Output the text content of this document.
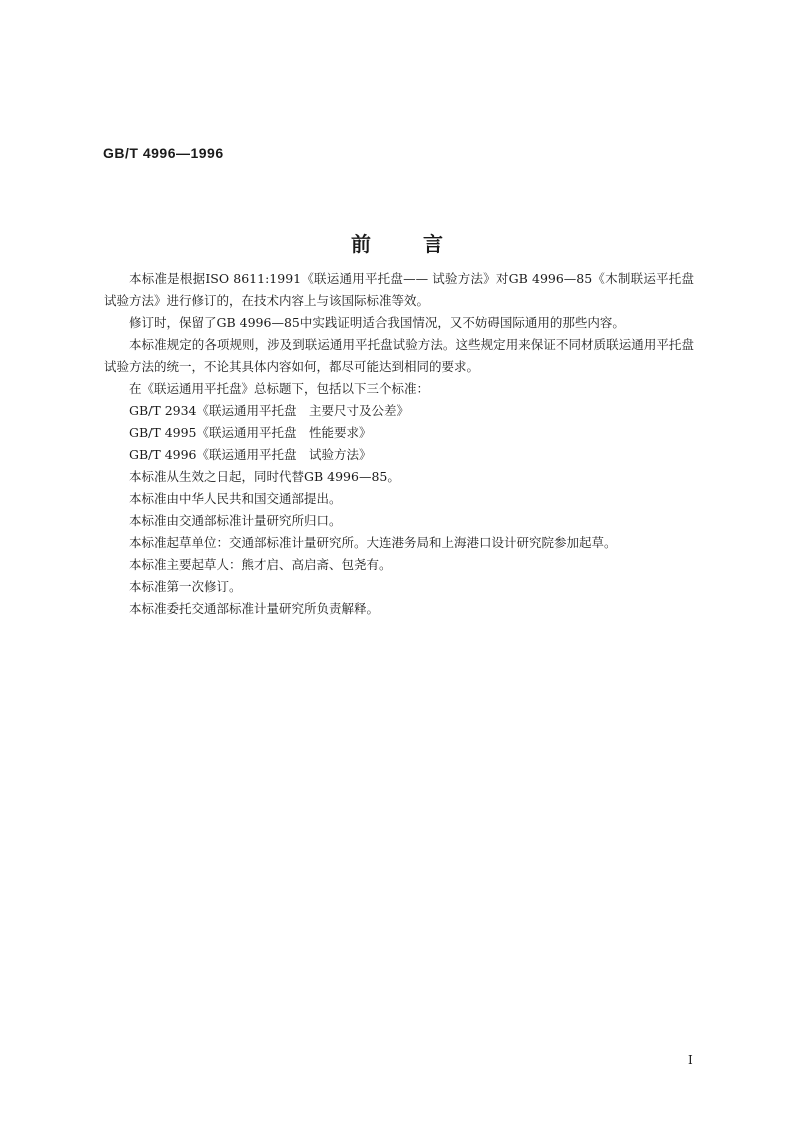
GB/T 4996—1996
前言

本标准是根据ISO 8611:1991《联运通用平托盘—— 试验方法》对GB 4996—85《木制联运平托盘试验方法》进行修订的，在技术内容上与该国际标准等效。

修订时，保留了GB 4996—85中实践证明适合我国情况，又不妨碍国际通用的那些内容。

本标准规定的各项规则，涉及到联运通用平托盘试验方法。这些规定用来保证不同材质联运通用平托盘试验方法的统一，不论其具体内容如何，都尽可能达到相同的要求。

在《联运通用平托盘》总标题下，包括以下三个标准：

GB/T 2934《联运通用平托盘　主要尺寸及公差》

GB/T 4995《联运通用平托盘　性能要求》

GB/T 4996《联运通用平托盘　试验方法》

本标准从生效之日起，同时代替GB 4996—85。

本标准由中华人民共和国交通部提出。

本标准由交通部标准计量研究所归口。

本标准起草单位：交通部标准计量研究所。大连港务局和上海港口设计研究院参加起草。

本标准主要起草人：熊才启、高启斋、包尧有。

本标准第一次修订。

本标准委托交通部标准计量研究所负责解释。

I
